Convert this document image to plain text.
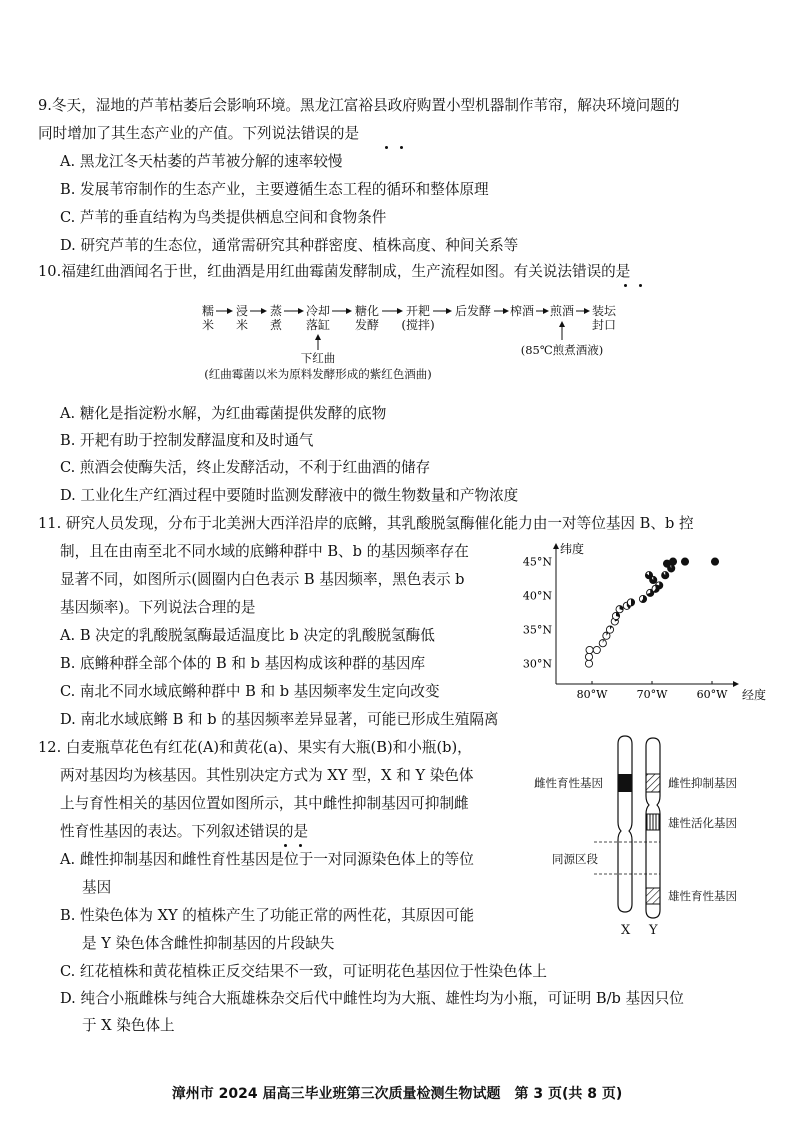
9.冬天，湿地的芦苇枯萎后会影响环境。黑龙江富裕县政府购置小型机器制作苇帘，解决环境问题的
同时增加了其生态产业的产值。下列说法错误的是
A. 黑龙江冬天枯萎的芦苇被分解的速率较慢
B. 发展苇帘制作的生态产业，主要遵循生态工程的循环和整体原理
C. 芦苇的垂直结构为鸟类提供栖息空间和食物条件
D. 研究芦苇的生态位，通常需研究其种群密度、植株高度、种间关系等
10.福建红曲酒闻名于世，红曲酒是用红曲霉菌发酵制成，生产流程如图。有关说法错误的是
糯
米
浸
米
蒸
煮
冷却
落缸
糖化
发酵
开耙
(搅拌)
后发酵 榨酒 煎酒 装坛
封口
下红曲
(红曲霉菌以米为原料发酵形成的紫红色酒曲)
(85℃煎煮酒液)
A. 糖化是指淀粉水解，为红曲霉菌提供发酵的底物
B. 开耙有助于控制发酵温度和及时通气
C. 煎酒会使酶失活，终止发酵活动，不利于红曲酒的储存
D. 工业化生产红酒过程中要随时监测发酵液中的微生物数量和产物浓度
11. 研究人员发现，分布于北美洲大西洋沿岸的底鳉，其乳酸脱氢酶催化能力由一对等位基因 B、b 控
制，且在由南至北不同水域的底鳉种群中 B、b 的基因频率存在
显著不同，如图所示(圆圈内白色表示 B 基因频率，黑色表示 b
基因频率)。下列说法合理的是
A. B 决定的乳酸脱氢酶最适温度比 b 决定的乳酸脱氢酶低
B. 底鳉种群全部个体的 B 和 b 基因构成该种群的基因库
C. 南北不同水域底鳉种群中 B 和 b 基因频率发生定向改变
D. 南北水域底鳉 B 和 b 的基因频率差异显著，可能已形成生殖隔离
纬度
经度
45°N
40°N
35°N
30°N
80°W	70°W	60°W
12. 白麦瓶草花色有红花(A)和黄花(a)、果实有大瓶(B)和小瓶(b)，
两对基因均为核基因。其性别决定方式为 XY 型，X 和 Y 染色体
上与育性相关的基因位置如图所示，其中雌性抑制基因可抑制雌
性育性基因的表达。下列叙述错误的是
A. 雌性抑制基因和雌性育性基因是位于一对同源染色体上的等位
基因
B. 性染色体为 XY 的植株产生了功能正常的两性花，其原因可能
是 Y 染色体含雌性抑制基因的片段缺失
C. 红花植株和黄花植株正反交结果不一致，可证明花色基因位于性染色体上
D. 纯合小瓶雌株与纯合大瓶雄株杂交后代中雌性均为大瓶、雄性均为小瓶，可证明 B/b 基因只位
于 X 染色体上
雌性育性基因
同源区段
雌性抑制基因
雄性活化基因
雄性育性基因
X Y
漳州市 2024 届高三毕业班第三次质量检测生物试题　第 3 页(共 8 页)
